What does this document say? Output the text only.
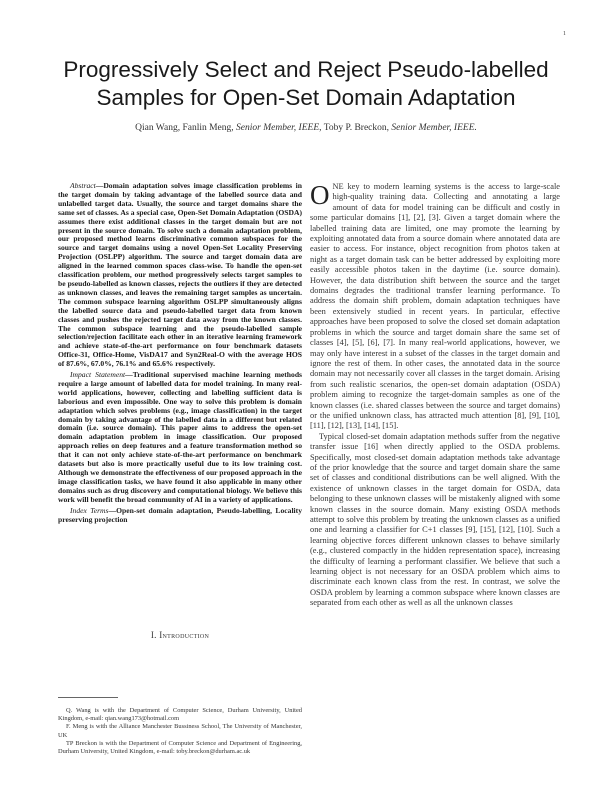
1
Progressively Select and Reject Pseudo-labelled
Samples for Open-Set Domain Adaptation
Qian Wang, Fanlin Meng, Senior Member, IEEE, Toby P. Breckon, Senior Member, IEEE.

Abstract—Domain adaptation solves image classification problems in the target domain by taking advantage of the labelled source data and unlabelled target data. Usually, the source and target domains share the same set of classes. As a special case, Open-Set Domain Adaptation (OSDA) assumes there exist additional classes in the target domain but are not present in the source domain. To solve such a domain adaptation problem, our proposed method learns discriminative common subspaces for the source and target domains using a novel Open-Set Locality Preserving Projection (OSLPP) algorithm. The source and target domain data are aligned in the learned common spaces class-wise. To handle the open-set classification problem, our method progressively selects target samples to be pseudo-labelled as known classes, rejects the outliers if they are detected as unknown classes, and leaves the remaining target samples as uncertain. The common subspace learning algorithm OSLPP simultaneously aligns the labelled source data and pseudo-labelled target data from known classes and pushes the rejected target data away from the known classes. The common subspace learning and the pseudo-labelled sample selection/rejection facilitate each other in an iterative learning framework and achieve state-of-the-art performance on four benchmark datasets Office-31, Office-Home, VisDA17 and Syn2Real-O with the average HOS of 87.6%, 67.0%, 76.1% and 65.6% respectively.

Impact Statement—Traditional supervised machine learning methods require a large amount of labelled data for model training. In many real-world applications, however, collecting and labelling sufficient data is laborious and even impossible. One way to solve this problem is domain adaptation which solves problems (e.g., image classification) in the target domain by taking advantage of the labelled data in a different but related domain (i.e. source domain). This paper aims to address the open-set domain adaptation problem in image classification. Our proposed approach relies on deep features and a feature transformation method so that it can not only achieve state-of-the-art performance on benchmark datasets but also is more practically useful due to its low training cost. Although we demonstrate the effectiveness of our proposed approach in the image classification tasks, we have found it also applicable in many other domains such as drug discovery and computational biology. We believe this work will benefit the broad community of AI in a variety of applications.

Index Terms—Open-set domain adaptation, Pseudo-labelling, Locality preserving projection

I. Introduction

Q. Wang is with the Department of Computer Science, Durham University, United Kingdom, e-mail: qian.wang173@hotmail.com

F. Meng is with the Alliance Manchester Bussiness School, The University of Manchester, UK

TP Breckon is with the Department of Computer Science and Department of Engineering, Durham University, United Kingdom, e-mail: toby.breckon@durham.ac.uk

ONE key to modern learning systems is the access to large-scale high-quality training data. Collecting and annotating a large amount of data for model training can be difficult and costly in some particular domains [1], [2], [3]. Given a target domain where the labelled training data are limited, one may promote the learning by exploiting annotated data from a source domain where annotated data are easier to access. For instance, object recognition from photos taken at night as a target domain task can be better addressed by exploiting more easily accessible photos taken in the daytime (i.e. source domain). However, the data distribution shift between the source and the target domains degrades the traditional transfer learning performance. To address the domain shift problem, domain adaptation techniques have been extensively studied in recent years. In particular, effective approaches have been proposed to solve the closed set domain adaptation problems in which the source and target domain share the same set of classes [4], [5], [6], [7]. In many real-world applications, however, we may only have interest in a subset of the classes in the target domain and ignore the rest of them. In other cases, the annotated data in the source domain may not necessarily cover all classes in the target domain. Arising from such realistic scenarios, the open-set domain adaptation (OSDA) problem aiming to recognize the target-domain samples as one of the known classes (i.e. shared classes between the source and target domains) or the unified unknown class, has attracted much attention [8], [9], [10], [11], [12], [13], [14], [15].

Typical closed-set domain adaptation methods suffer from the negative transfer issue [16] when directly applied to the OSDA problems. Specifically, most closed-set domain adaptation methods take advantage of the prior knowledge that the source and target domain share the same set of classes and conditional distributions can be well aligned. With the existence of unknown classes in the target domain for OSDA, data belonging to these unknown classes will be mistakenly aligned with some known classes in the source domain. Many existing OSDA methods attempt to solve this problem by treating the unknown classes as a unified one and learning a classifier for C+1 classes [9], [15], [12], [10]. Such a learning objective forces different unknown classes to behave similarly (e.g., clustered compactly in the hidden representation space), increasing the difficulty of learning a performant classifier. We believe that such a learning object is not necessary for an OSDA problem which aims to discriminate each known class from the rest. In contrast, we solve the OSDA problem by learning a common subspace where known classes are separated from each other as well as all the unknown classes
